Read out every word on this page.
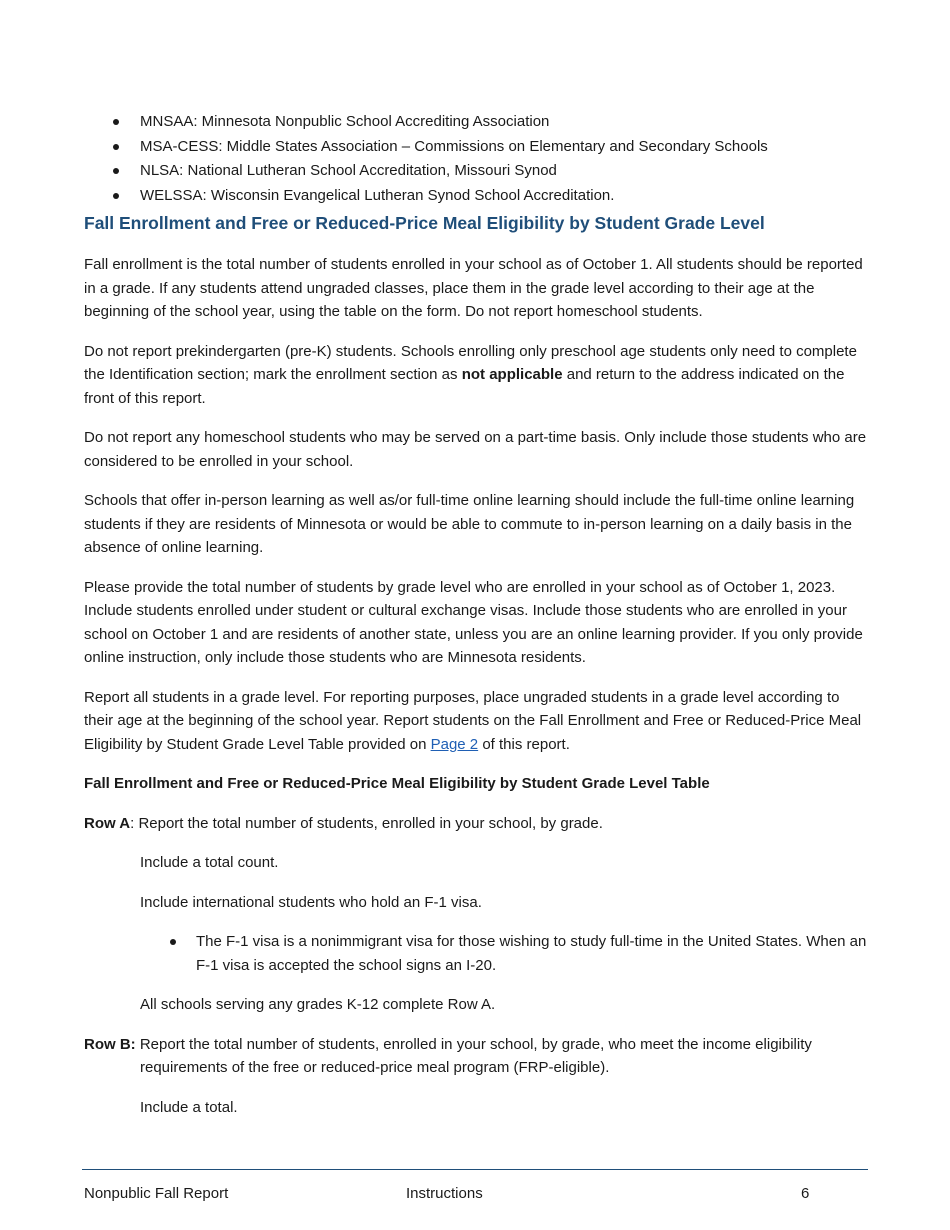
MNSAA: Minnesota Nonpublic School Accrediting Association
MSA-CESS: Middle States Association – Commissions on Elementary and Secondary Schools
NLSA: National Lutheran School Accreditation, Missouri Synod
WELSSA: Wisconsin Evangelical Lutheran Synod School Accreditation.
Fall Enrollment and Free or Reduced-Price Meal Eligibility by Student Grade Level

Fall enrollment is the total number of students enrolled in your school as of October 1. All students should be reported in a grade. If any students attend ungraded classes, place them in the grade level according to their age at the beginning of the school year, using the table on the form. Do not report homeschool students.

Do not report prekindergarten (pre-K) students. Schools enrolling only preschool age students only need to complete the Identification section; mark the enrollment section as not applicable and return to the address indicated on the front of this report.

Do not report any homeschool students who may be served on a part-time basis. Only include those students who are considered to be enrolled in your school.

Schools that offer in-person learning as well as/or full-time online learning should include the full-time online learning students if they are residents of Minnesota or would be able to commute to in-person learning on a daily basis in the absence of online learning.

Please provide the total number of students by grade level who are enrolled in your school as of October 1, 2023. Include students enrolled under student or cultural exchange visas. Include those students who are enrolled in your school on October 1 and are residents of another state, unless you are an online learning provider. If you only provide online instruction, only include those students who are Minnesota residents.

Report all students in a grade level. For reporting purposes, place ungraded students in a grade level according to their age at the beginning of the school year. Report students on the Fall Enrollment and Free or Reduced-Price Meal Eligibility by Student Grade Level Table provided on Page 2 of this report.

Fall Enrollment and Free or Reduced-Price Meal Eligibility by Student Grade Level Table

Row A: Report the total number of students, enrolled in your school, by grade.

Include a total count.

Include international students who hold an F-1 visa.

The F-1 visa is a nonimmigrant visa for those wishing to study full-time in the United States. When an F-1 visa is accepted the school signs an I-20.

All schools serving any grades K-12 complete Row A.

Row B: Report the total number of students, enrolled in your school, by grade, who meet the income eligibility requirements of the free or reduced-price meal program (FRP-eligible).

Include a total.

Nonpublic Fall Report	Instructions	6
